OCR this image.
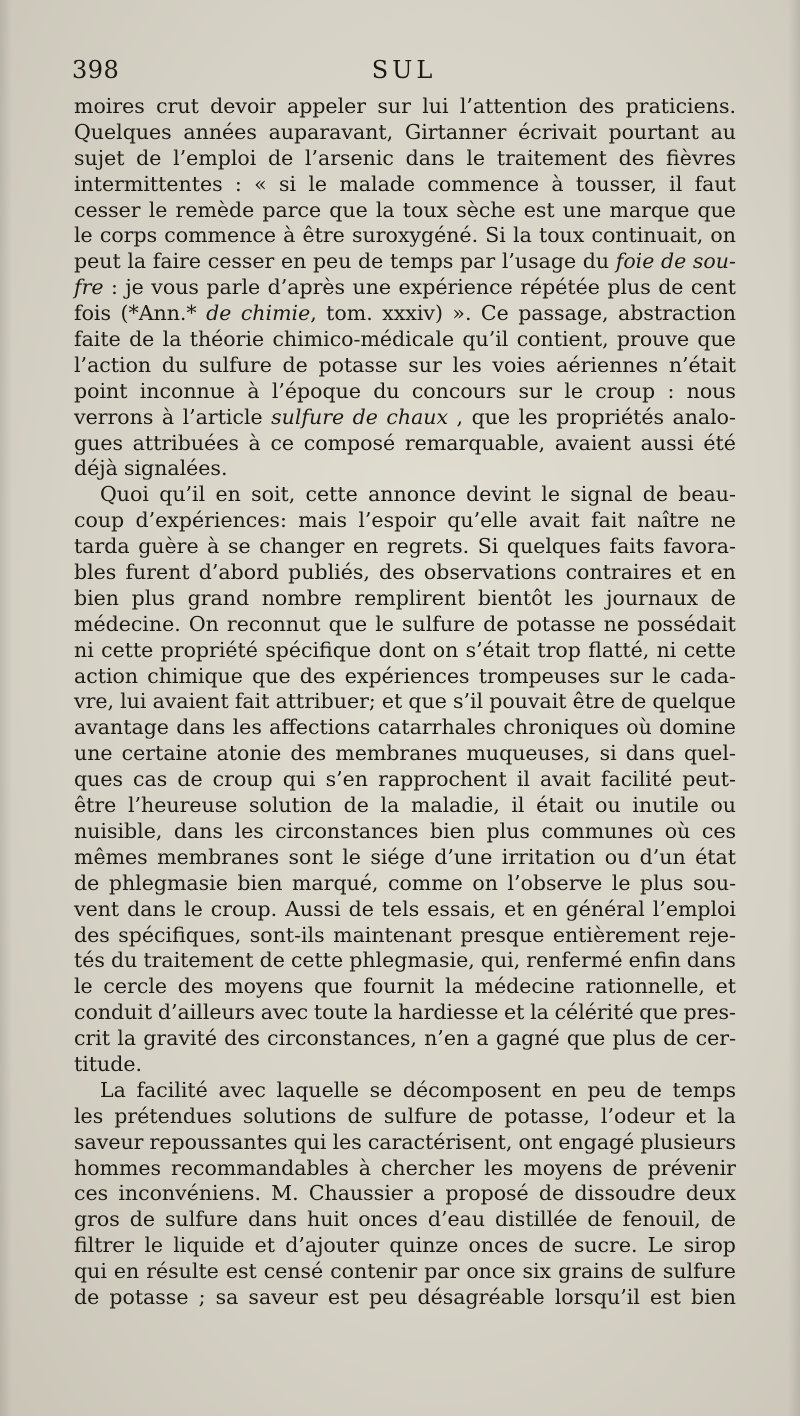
398	SUL
moires crut devoir appeler sur lui l’attention des praticiens.
Quelques années auparavant, Girtanner écrivait pourtant au
sujet de l’emploi de l’arsenic dans le traitement des fièvres
intermittentes : « si le malade commence à tousser, il faut
cesser le remède parce que la toux sèche est une marque que
le corps commence à être suroxygéné. Si la toux continuait, on
peut la faire cesser en peu de temps par l’usage du foie de sou-
fre : je vous parle d’après une expérience répétée plus de cent
fois (*Ann.* de chimie, tom. xxxiv) ». Ce passage, abstraction
faite de la théorie chimico-médicale qu’il contient, prouve que
l’action du sulfure de potasse sur les voies aériennes n’était
point inconnue à l’époque du concours sur le croup : nous
verrons à l’article sulfure de chaux , que les propriétés analo-
gues attribuées à ce composé remarquable, avaient aussi été
déjà signalées.
Quoi qu’il en soit, cette annonce devint le signal de beau-
coup d’expériences: mais l’espoir qu’elle avait fait naître ne
tarda guère à se changer en regrets. Si quelques faits favora-
bles furent d’abord publiés, des observations contraires et en
bien plus grand nombre remplirent bientôt les journaux de
médecine. On reconnut que le sulfure de potasse ne possédait
ni cette propriété spécifique dont on s’était trop flatté, ni cette
action chimique que des expériences trompeuses sur le cada-
vre, lui avaient fait attribuer; et que s’il pouvait être de quelque
avantage dans les affections catarrhales chroniques où domine
une certaine atonie des membranes muqueuses, si dans quel-
ques cas de croup qui s’en rapprochent il avait facilité peut-
être l’heureuse solution de la maladie, il était ou inutile ou
nuisible, dans les circonstances bien plus communes où ces
mêmes membranes sont le siége d’une irritation ou d’un état
de phlegmasie bien marqué, comme on l’observe le plus sou-
vent dans le croup. Aussi de tels essais, et en général l’emploi
des spécifiques, sont-ils maintenant presque entièrement reje-
tés du traitement de cette phlegmasie, qui, renfermé enfin dans
le cercle des moyens que fournit la médecine rationnelle, et
conduit d’ailleurs avec toute la hardiesse et la célérité que pres-
crit la gravité des circonstances, n’en a gagné que plus de cer-
titude.
La facilité avec laquelle se décomposent en peu de temps
les prétendues solutions de sulfure de potasse, l’odeur et la
saveur repoussantes qui les caractérisent, ont engagé plusieurs
hommes recommandables à chercher les moyens de prévenir
ces inconvéniens. M. Chaussier a proposé de dissoudre deux
gros de sulfure dans huit onces d’eau distillée de fenouil, de
filtrer le liquide et d’ajouter quinze onces de sucre. Le sirop
qui en résulte est censé contenir par once six grains de sulfure
de potasse ; sa saveur est peu désagréable lorsqu’il est bien
